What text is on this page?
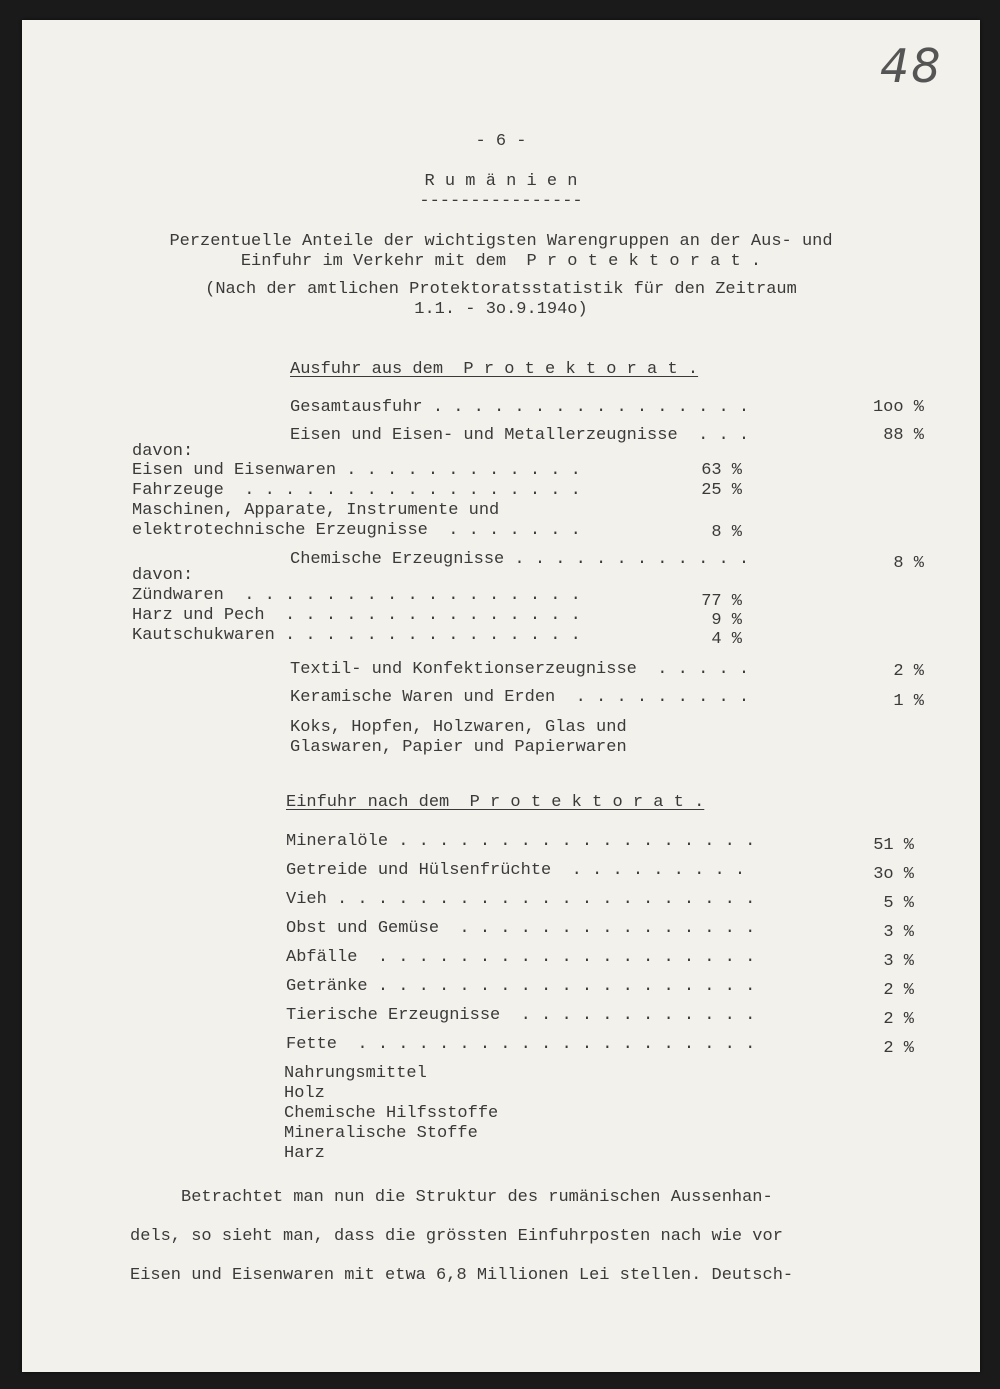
48
- 6 -
R u m ä n i e n
----------------
Perzentuelle Anteile der wichtigsten Warengruppen an der Aus- und
Einfuhr im Verkehr mit dem  P r o t e k t o r a t .
(Nach der amtlichen Protektoratsstatistik für den Zeitraum
1.1. - 3o.9.194o)
Ausfuhr aus dem  P r o t e k t o r a t .
Gesamtausfuhr . . . . . . . . . . . . . . . .	1oo %
Eisen und Eisen- und Metallerzeugnisse  . . .	88 %
davon:
Eisen und Eisenwaren . . . . . . . . . . . .	63 %
Fahrzeuge  . . . . . . . . . . . . . . . . .	25 %
Maschinen, Apparate, Instrumente und
elektrotechnische Erzeugnisse  . . . . . . .	8 %
Chemische Erzeugnisse . . . . . . . . . . . .	8 %
davon:
Zündwaren  . . . . . . . . . . . . . . . . .	77 %
Harz und Pech  . . . . . . . . . . . . . . .	9 %
Kautschukwaren . . . . . . . . . . . . . . .	4 %
Textil- und Konfektionserzeugnisse  . . . . .	2 %
Keramische Waren und Erden  . . . . . . . . .	1 %
Koks, Hopfen, Holzwaren, Glas und
Glaswaren, Papier und Papierwaren
Einfuhr nach dem  P r o t e k t o r a t .
Mineralöle . . . . . . . . . . . . . . . . . .	51 %
Getreide und Hülsenfrüchte  . . . . . . . . .	3o %
Vieh . . . . . . . . . . . . . . . . . . . . .	5 %
Obst und Gemüse  . . . . . . . . . . . . . . .	3 %
Abfälle  . . . . . . . . . . . . . . . . . . .	3 %
Getränke . . . . . . . . . . . . . . . . . . .	2 %
Tierische Erzeugnisse  . . . . . . . . . . . .	2 %
Fette  . . . . . . . . . . . . . . . . . . . .	2 %
Nahrungsmittel
Holz
Chemische Hilfsstoffe
Mineralische Stoffe
Harz
Betrachtet man nun die Struktur des rumänischen Aussenhan-
dels, so sieht man, dass die grössten Einfuhrposten nach wie vor
Eisen und Eisenwaren mit etwa 6,8 Millionen Lei stellen. Deutsch-
